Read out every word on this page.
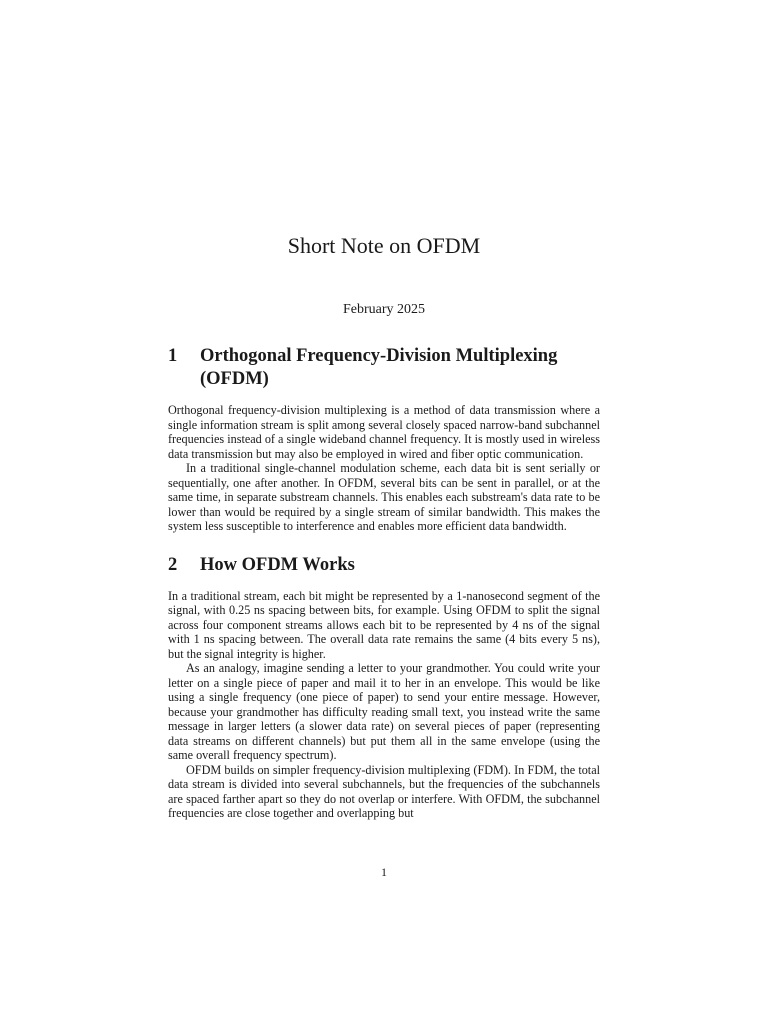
Short Note on OFDM
February 2025
1	Orthogonal Frequency-Division Multiplexing (OFDM)

Orthogonal frequency-division multiplexing is a method of data transmission where a single information stream is split among several closely spaced narrow-band subchannel frequencies instead of a single wideband channel frequency. It is mostly used in wireless data transmission but may also be employed in wired and fiber optic communication.

In a traditional single-channel modulation scheme, each data bit is sent serially or sequentially, one after another. In OFDM, several bits can be sent in parallel, or at the same time, in separate substream channels. This enables each substream's data rate to be lower than would be required by a single stream of similar bandwidth. This makes the system less susceptible to interference and enables more efficient data bandwidth.

2	How OFDM Works

In a traditional stream, each bit might be represented by a 1-nanosecond segment of the signal, with 0.25 ns spacing between bits, for example. Using OFDM to split the signal across four component streams allows each bit to be represented by 4 ns of the signal with 1 ns spacing between. The overall data rate remains the same (4 bits every 5 ns), but the signal integrity is higher.

As an analogy, imagine sending a letter to your grandmother. You could write your letter on a single piece of paper and mail it to her in an envelope. This would be like using a single frequency (one piece of paper) to send your entire message. However, because your grandmother has difficulty reading small text, you instead write the same message in larger letters (a slower data rate) on several pieces of paper (representing data streams on different channels) but put them all in the same envelope (using the same overall frequency spectrum).

OFDM builds on simpler frequency-division multiplexing (FDM). In FDM, the total data stream is divided into several subchannels, but the frequencies of the subchannels are spaced farther apart so they do not overlap or interfere. With OFDM, the subchannel frequencies are close together and overlapping but

1
